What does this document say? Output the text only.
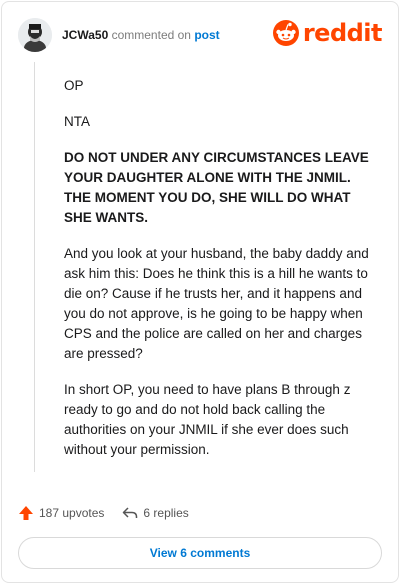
JCWa50 commented on post	reddit

OP

NTA

DO NOT UNDER ANY CIRCUMSTANCES LEAVE YOUR DAUGHTER ALONE WITH THE JNMIL. THE MOMENT YOU DO, SHE WILL DO WHAT SHE WANTS.

And you look at your husband, the baby daddy and ask him this: Does he think this is a hill he wants to die on? Cause if he trusts her, and it happens and you do not approve, is he going to be happy when CPS and the police are called on her and charges are pressed?

In short OP, you need to have plans B through z ready to go and do not hold back calling the authorities on your JNMIL if she ever does such without your permission.

187 upvotes	6 replies
View 6 comments
